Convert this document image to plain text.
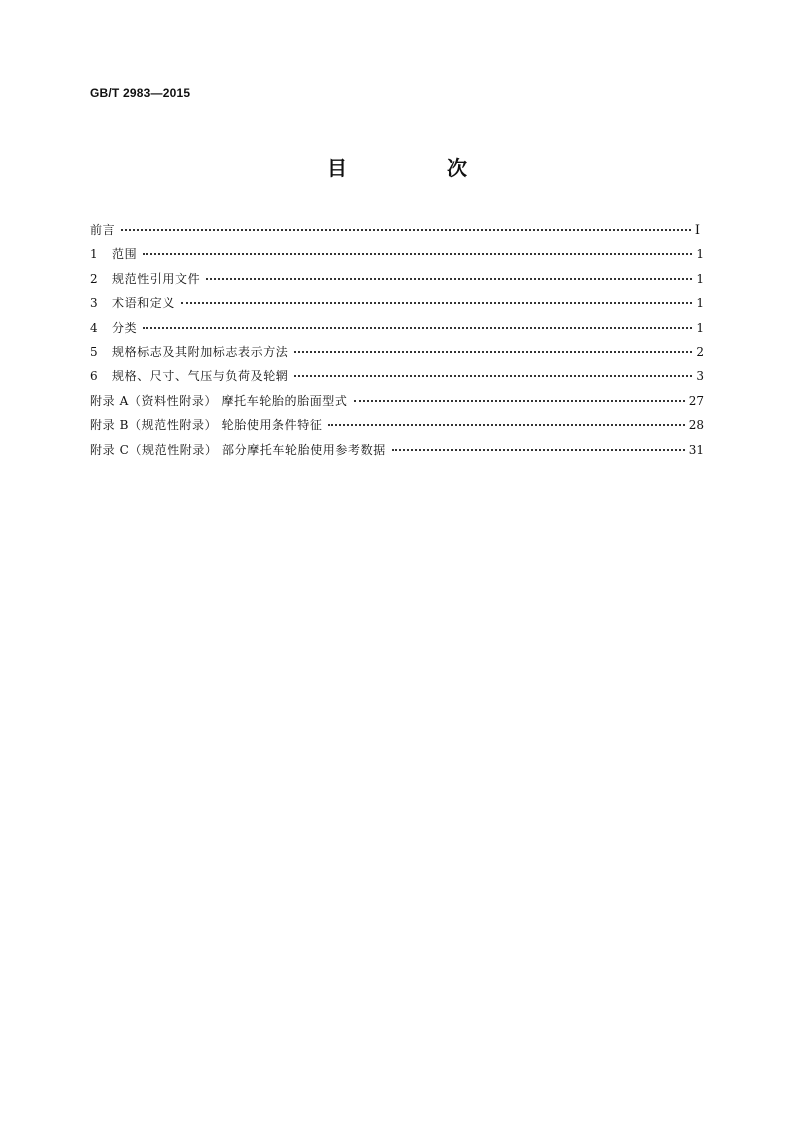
GB/T 2983—2015
目　次
前言	Ⅰ
1	范围	1
2	规范性引用文件	1
3	术语和定义	1
4	分类	1
5	规格标志及其附加标志表示方法	2
6	规格、尺寸、气压与负荷及轮辋	3
附录 A（资料性附录） 摩托车轮胎的胎面型式	27
附录 B（规范性附录） 轮胎使用条件特征	28
附录 C（规范性附录） 部分摩托车轮胎使用参考数据	31
